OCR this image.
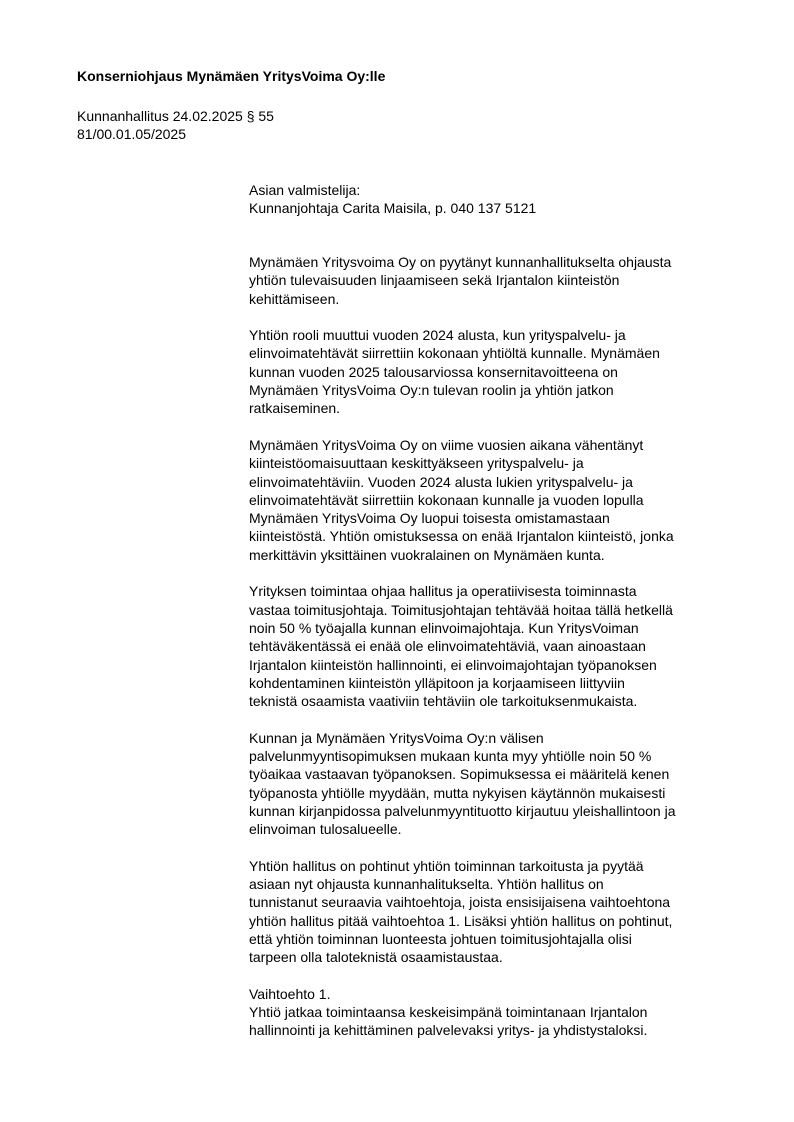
Konserniohjaus Mynämäen YritysVoima Oy:lle
Kunnanhallitus 24.02.2025 § 55
81/00.01.05/2025
Asian valmistelija:
Kunnanjohtaja Carita Maisila, p. 040 137 5121
Mynämäen Yritysvoima Oy on pyytänyt kunnanhallitukselta ohjausta
yhtiön tulevaisuuden linjaamiseen sekä Irjantalon kiinteistön
kehittämiseen.
Yhtiön rooli muuttui vuoden 2024 alusta, kun yrityspalvelu- ja
elinvoimatehtävät siirrettiin kokonaan yhtiöltä kunnalle. Mynämäen
kunnan vuoden 2025 talousarviossa konsernitavoitteena on
Mynämäen YritysVoima Oy:n tulevan roolin ja yhtiön jatkon
ratkaiseminen.
Mynämäen YritysVoima Oy on viime vuosien aikana vähentänyt
kiinteistöomaisuuttaan keskittyäkseen yrityspalvelu- ja
elinvoimatehtäviin. Vuoden 2024 alusta lukien yrityspalvelu- ja
elinvoimatehtävät siirrettiin kokonaan kunnalle ja vuoden lopulla
Mynämäen YritysVoima Oy luopui toisesta omistamastaan
kiinteistöstä. Yhtiön omistuksessa on enää Irjantalon kiinteistö, jonka
merkittävin yksittäinen vuokralainen on Mynämäen kunta.
Yrityksen toimintaa ohjaa hallitus ja operatiivisesta toiminnasta
vastaa toimitusjohtaja. Toimitusjohtajan tehtävää hoitaa tällä hetkellä
noin 50 % työajalla kunnan elinvoimajohtaja. Kun YritysVoiman
tehtäväkentässä ei enää ole elinvoimatehtäviä, vaan ainoastaan
Irjantalon kiinteistön hallinnointi, ei elinvoimajohtajan työpanoksen
kohdentaminen kiinteistön ylläpitoon ja korjaamiseen liittyviin
teknistä osaamista vaativiin tehtäviin ole tarkoituksenmukaista.
Kunnan ja Mynämäen YritysVoima Oy:n välisen
palvelunmyyntisopimuksen mukaan kunta myy yhtiölle noin 50 %
työaikaa vastaavan työpanoksen. Sopimuksessa ei määritelä kenen
työpanosta yhtiölle myydään, mutta nykyisen käytännön mukaisesti
kunnan kirjanpidossa palvelunmyyntituotto kirjautuu yleishallintoon ja
elinvoiman tulosalueelle.
Yhtiön hallitus on pohtinut yhtiön toiminnan tarkoitusta ja pyytää
asiaan nyt ohjausta kunnanhalitukselta. Yhtiön hallitus on
tunnistanut seuraavia vaihtoehtoja, joista ensisijaisena vaihtoehtona
yhtiön hallitus pitää vaihtoehtoa 1. Lisäksi yhtiön hallitus on pohtinut,
että yhtiön toiminnan luonteesta johtuen toimitusjohtajalla olisi
tarpeen olla taloteknistä osaamistaustaa.
Vaihtoehto 1.
Yhtiö jatkaa toimintaansa keskeisimpänä toimintanaan Irjantalon
hallinnointi ja kehittäminen palvelevaksi yritys- ja yhdistystaloksi.
